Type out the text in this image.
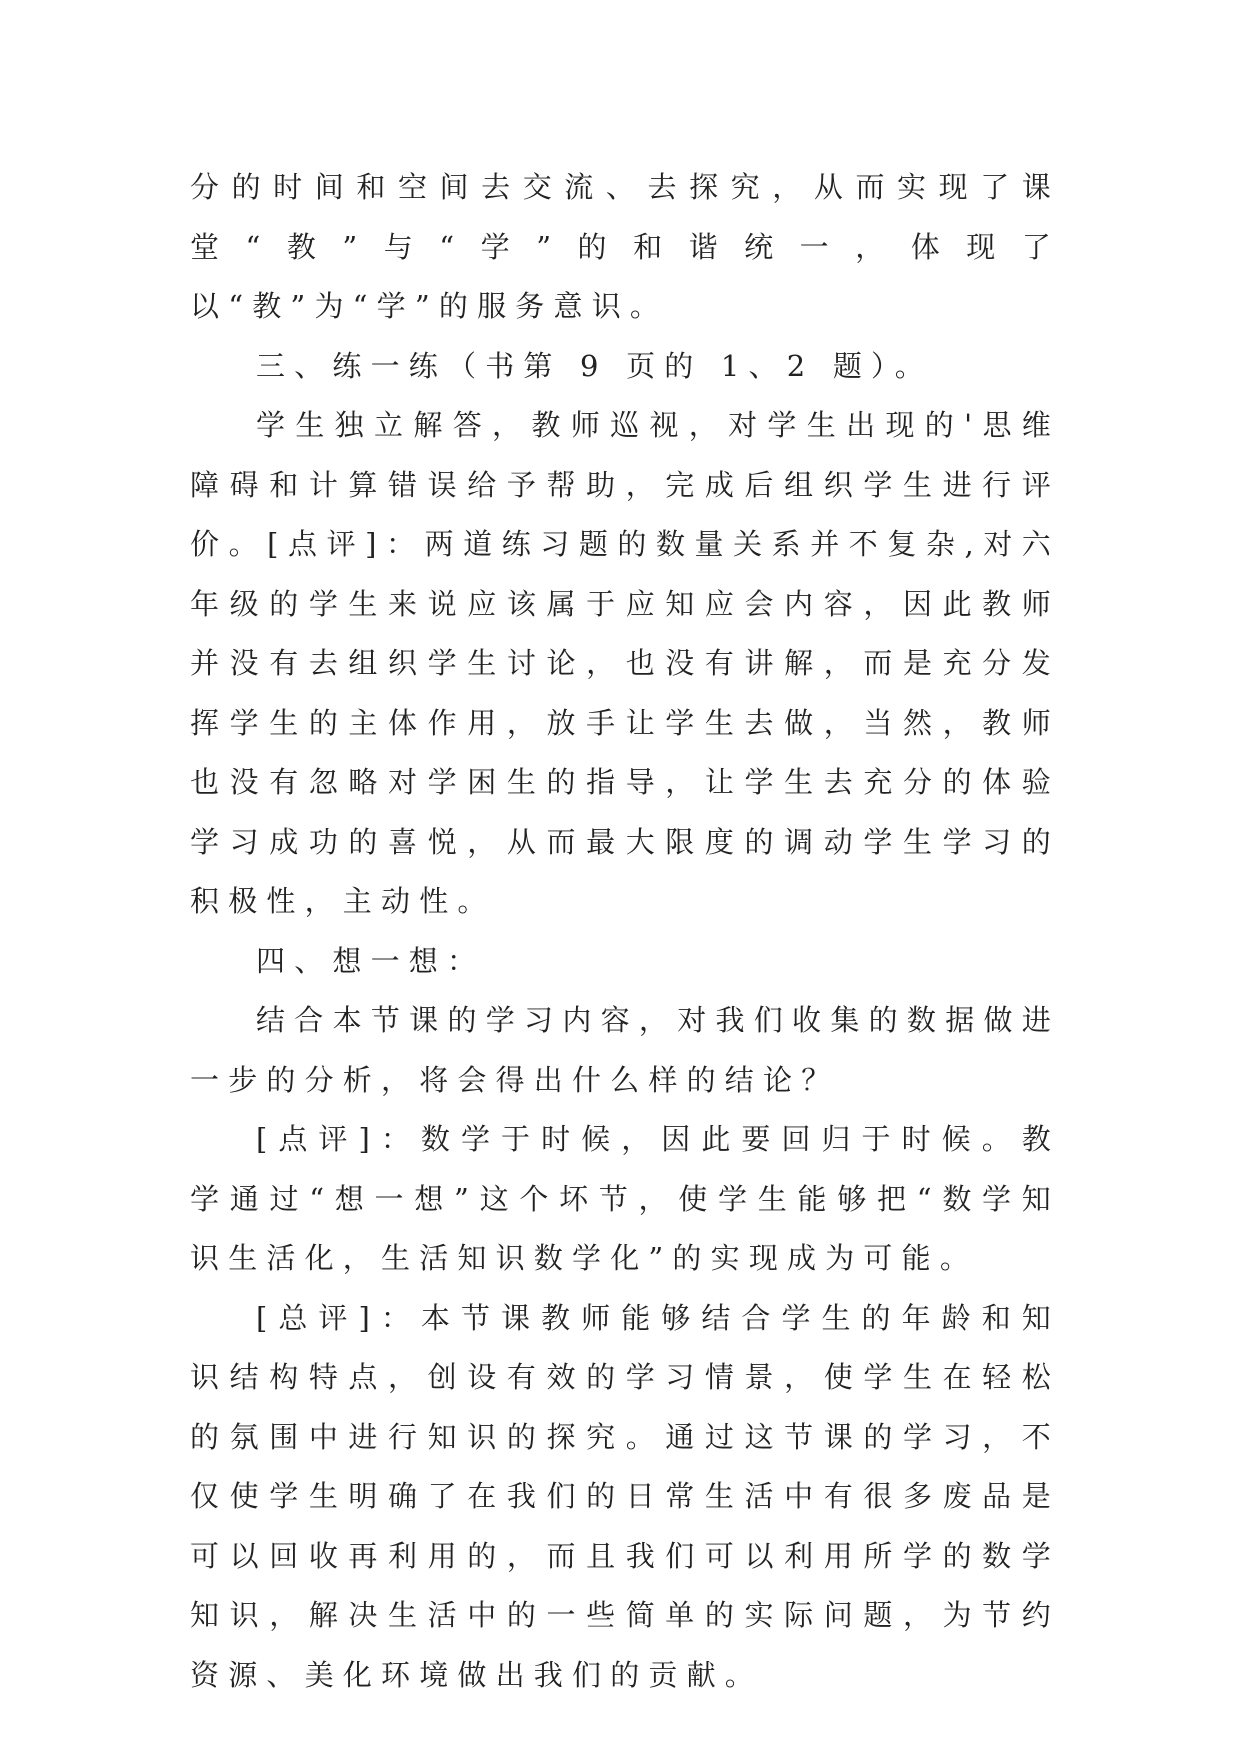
分的时间和空间去交流、去探究，从而实现了课堂“教”与“学”的和谐统一，体现了以“教”为“学”的服务意识。

三、练一练（书第 9 页的 1、2 题）。

学生独立解答，教师巡视，对学生出现的'思维障碍和计算错误给予帮助，完成后组织学生进行评价。[点评]：两道练习题的数量关系并不复杂,对六年级的学生来说应该属于应知应会内容，因此教师并没有去组织学生讨论，也没有讲解，而是充分发挥学生的主体作用，放手让学生去做，当然，教师也没有忽略对学困生的指导，让学生去充分的体验学习成功的喜悦，从而最大限度的调动学生学习的积极性，主动性。

四、想一想：

结合本节课的学习内容，对我们收集的数据做进一步的分析，将会得出什么样的结论？

[点评]：数学于时候，因此要回归于时候。教学通过“想一想”这个坏节，使学生能够把“数学知识生活化，生活知识数学化”的实现成为可能。

[总评]：本节课教师能够结合学生的年龄和知识结构特点，创设有效的学习情景，使学生在轻松的氛围中进行知识的探究。通过这节课的学习，不仅使学生明确了在我们的日常生活中有很多废品是可以回收再利用的，而且我们可以利用所学的数学知识，解决生活中的一些简单的实际问题，为节约资源、美化环境做出我们的贡献。
